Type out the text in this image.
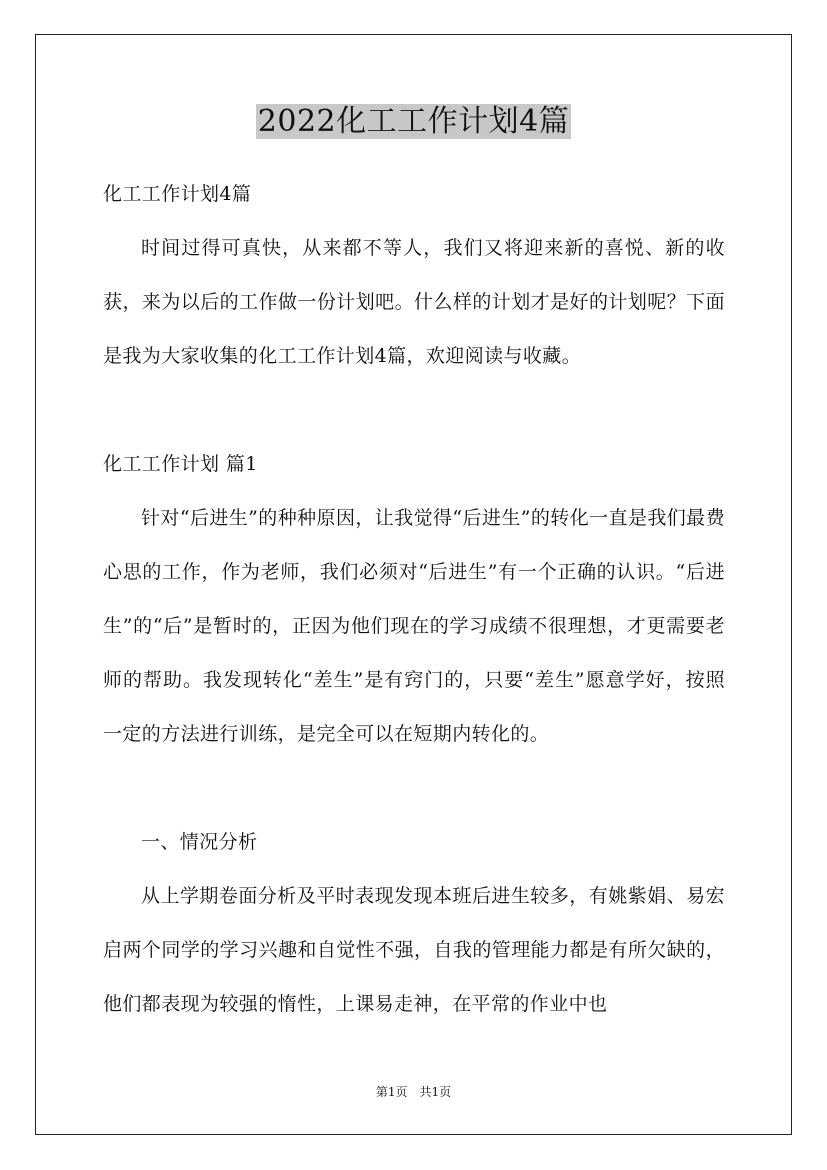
2022化工工作计划4篇

化工工作计划4篇

时间过得可真快，从来都不等人，我们又将迎来新的喜悦、新的收获，来为以后的工作做一份计划吧。什么样的计划才是好的计划呢？下面是我为大家收集的化工工作计划4篇，欢迎阅读与收藏。

化工工作计划 篇1

针对“后进生”的种种原因，让我觉得“后进生”的转化一直是我们最费心思的工作，作为老师，我们必须对“后进生”有一个正确的认识。“后进生”的“后”是暂时的，正因为他们现在的学习成绩不很理想，才更需要老师的帮助。我发现转化“差生”是有窍门的，只要“差生”愿意学好，按照一定的方法进行训练，是完全可以在短期内转化的。

一、情况分析

从上学期卷面分析及平时表现发现本班后进生较多，有姚紫娟、易宏启两个同学的学习兴趣和自觉性不强，自我的管理能力都是有所欠缺的，他们都表现为较强的惰性，上课易走神，在平常的作业中也

第1页　共1页
